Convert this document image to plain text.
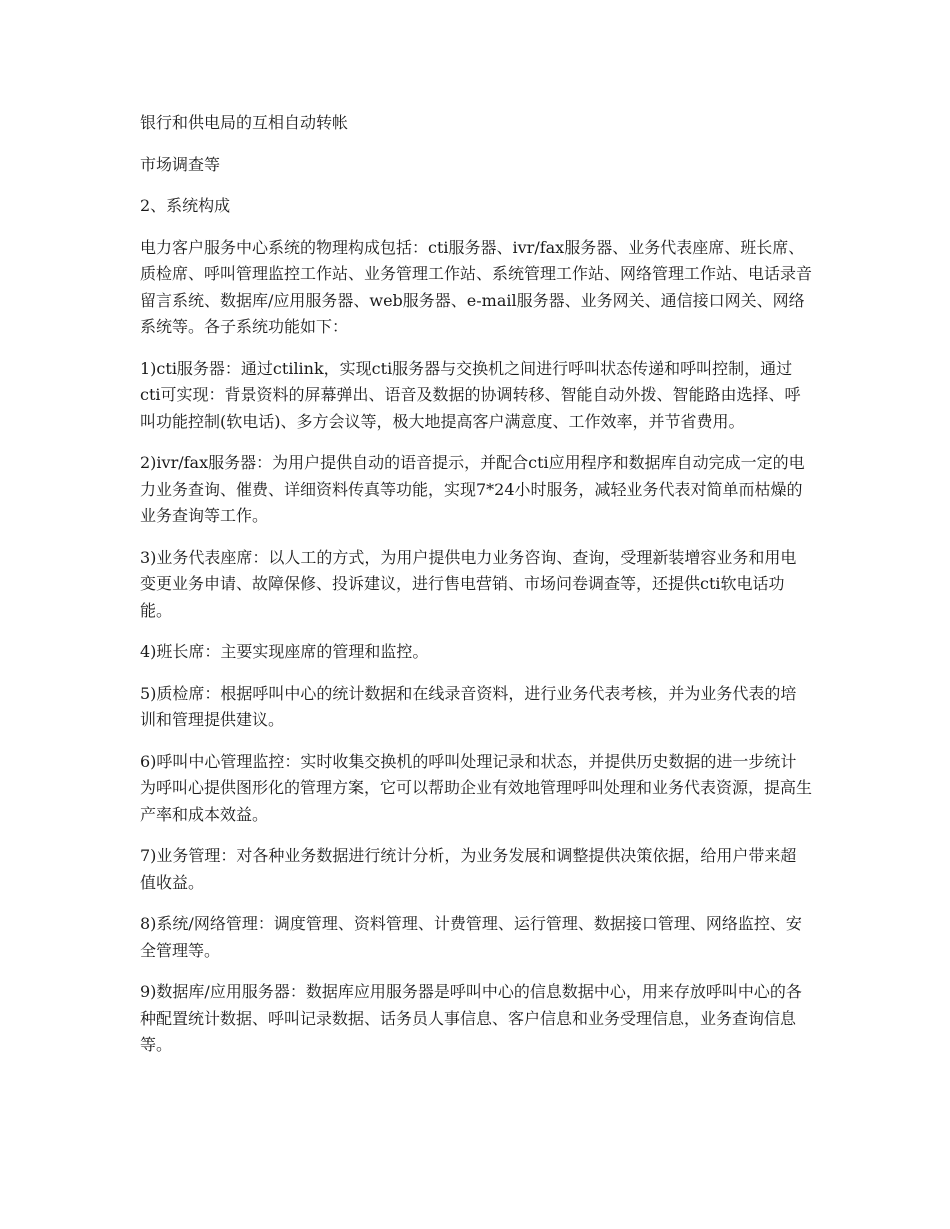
银行和供电局的互相自动转帐

市场调查等

2、系统构成

电力客户服务中心系统的物理构成包括：cti服务器、ivr/fax服务器、业务代表座席、班长席、质检席、呼叫管理监控工作站、业务管理工作站、系统管理工作站、网络管理工作站、电话录音留言系统、数据库/应用服务器、web服务器、e-mail服务器、业务网关、通信接口网关、网络系统等。各子系统功能如下：

1)cti服务器：通过ctilink，实现cti服务器与交换机之间进行呼叫状态传递和呼叫控制，通过cti可实现：背景资料的屏幕弹出、语音及数据的协调转移、智能自动外拨、智能路由选择、呼叫功能控制(软电话)、多方会议等，极大地提高客户满意度、工作效率，并节省费用。

2)ivr/fax服务器：为用户提供自动的语音提示，并配合cti应用程序和数据库自动完成一定的电力业务查询、催费、详细资料传真等功能，实现7*24小时服务，减轻业务代表对简单而枯燥的业务查询等工作。

3)业务代表座席：以人工的方式，为用户提供电力业务咨询、查询，受理新装增容业务和用电变更业务申请、故障保修、投诉建议，进行售电营销、市场问卷调查等，还提供cti软电话功能。

4)班长席：主要实现座席的管理和监控。

5)质检席：根据呼叫中心的统计数据和在线录音资料，进行业务代表考核，并为业务代表的培训和管理提供建议。

6)呼叫中心管理监控：实时收集交换机的呼叫处理记录和状态，并提供历史数据的进一步统计为呼叫心提供图形化的管理方案，它可以帮助企业有效地管理呼叫处理和业务代表资源，提高生产率和成本效益。

7)业务管理：对各种业务数据进行统计分析，为业务发展和调整提供决策依据，给用户带来超值收益。

8)系统/网络管理：调度管理、资料管理、计费管理、运行管理、数据接口管理、网络监控、安全管理等。

9)数据库/应用服务器：数据库应用服务器是呼叫中心的信息数据中心，用来存放呼叫中心的各种配置统计数据、呼叫记录数据、话务员人事信息、客户信息和业务受理信息，业务查询信息等。
